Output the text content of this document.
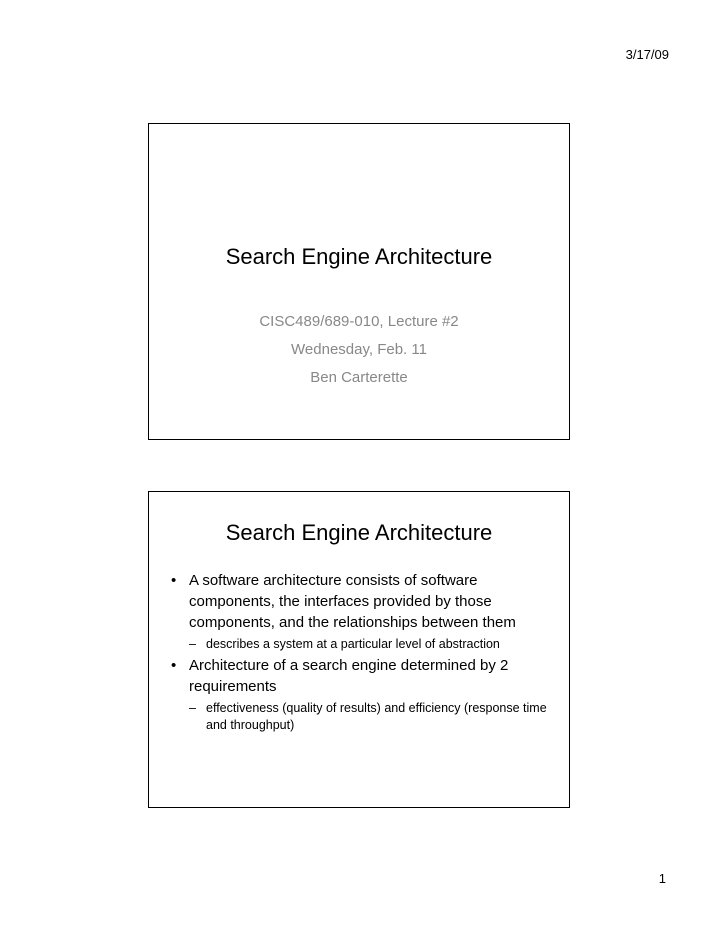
3/17/09
Search Engine Architecture
CISC489/689-010, Lecture #2
Wednesday, Feb. 11
Ben Carterette
Search Engine Architecture
• A software architecture consists of software components, the interfaces provided by those components, and the relationships between them
– describes a system at a particular level of abstraction
• Architecture of a search engine determined by 2 requirements
– effectiveness (quality of results) and efficiency (response time and throughput)
1
